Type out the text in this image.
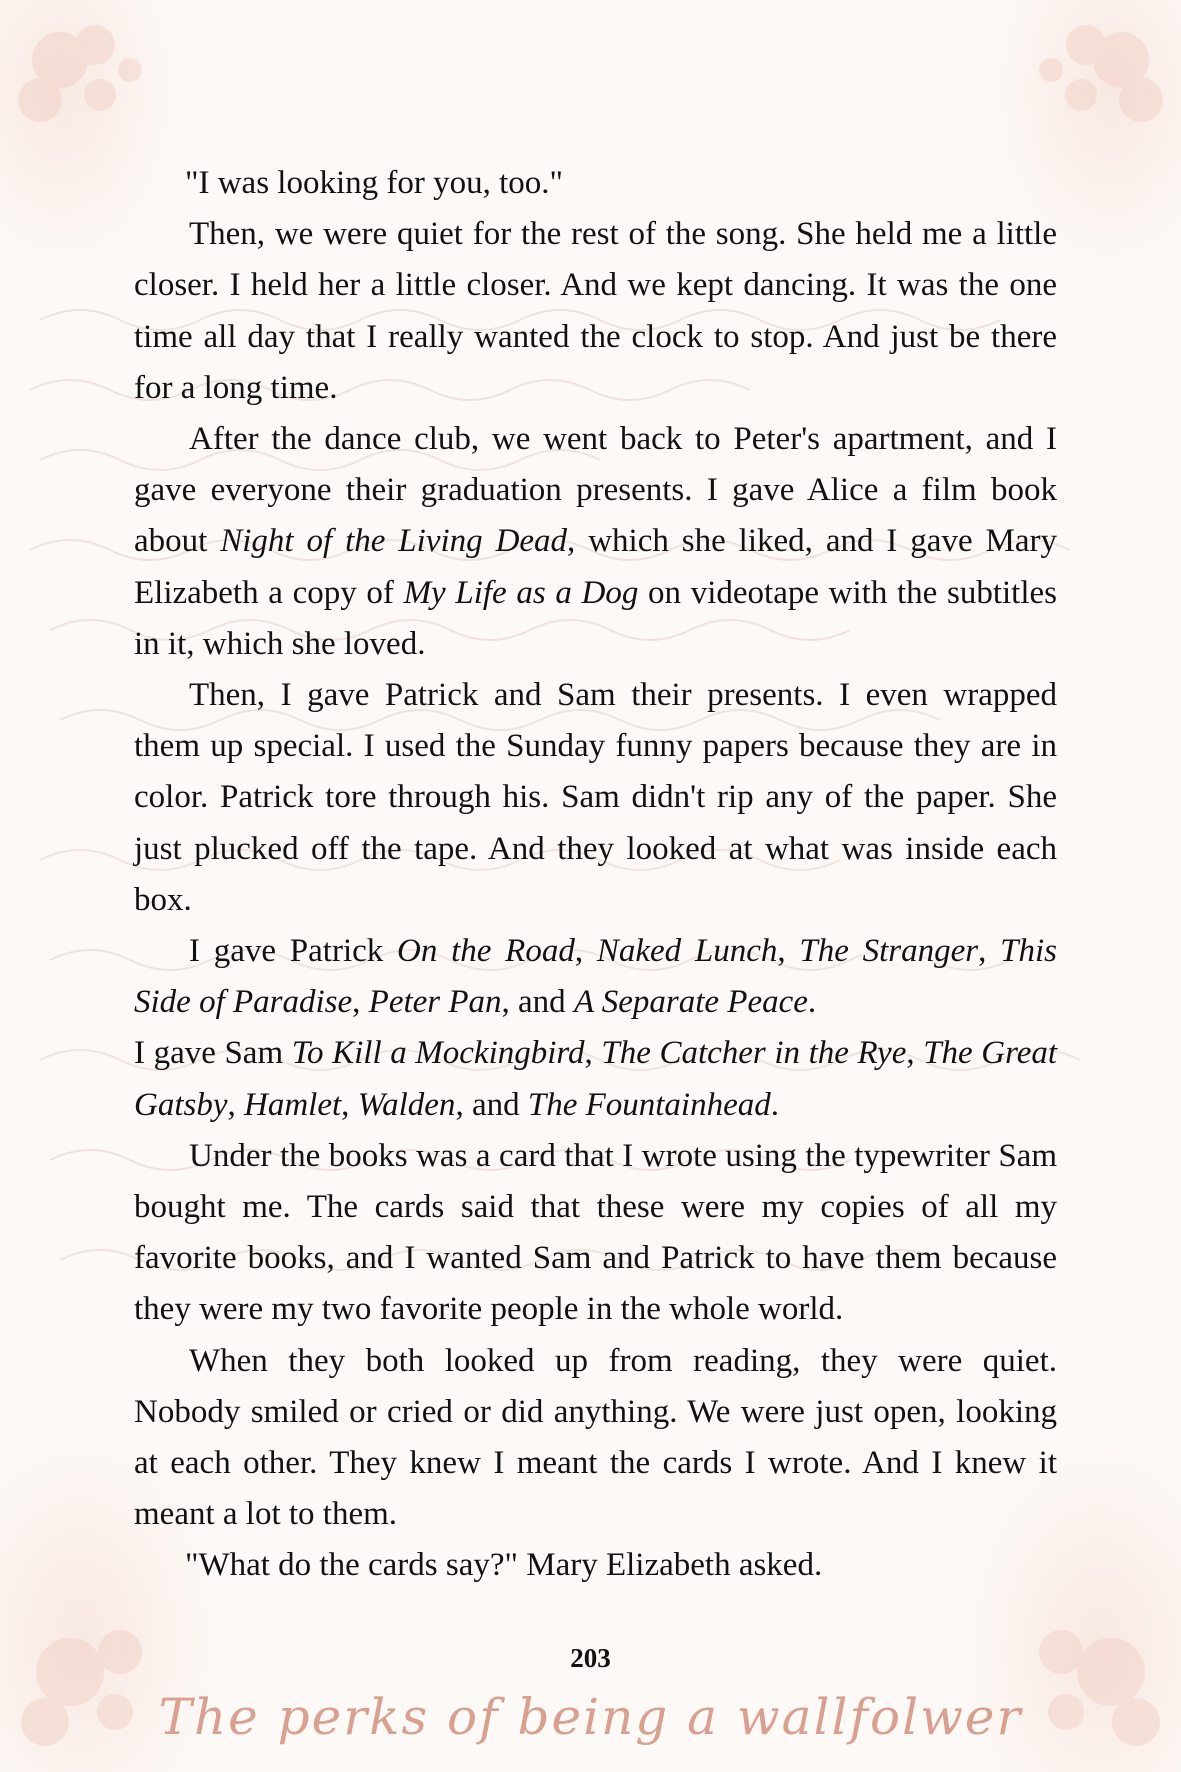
"I was looking for you, too."

Then, we were quiet for the rest of the song. She held me a little closer. I held her a little closer. And we kept dancing. It was the one time all day that I really wanted the clock to stop. And just be there for a long time.

After the dance club, we went back to Peter's apartment, and I gave everyone their graduation presents. I gave Alice a film book about Night of the Living Dead, which she liked, and I gave Mary Elizabeth a copy of My Life as a Dog on videotape with the subtitles in it, which she loved.

Then, I gave Patrick and Sam their presents. I even wrapped them up special. I used the Sunday funny papers because they are in color. Patrick tore through his. Sam didn't rip any of the paper. She just plucked off the tape. And they looked at what was inside each box.

I gave Patrick On the Road, Naked Lunch, The Stranger, This Side of Paradise, Peter Pan, and A Separate Peace.

I gave Sam To Kill a Mockingbird, The Catcher in the Rye, The Great Gatsby, Hamlet, Walden, and The Fountainhead.

Under the books was a card that I wrote using the typewriter Sam bought me. The cards said that these were my copies of all my favorite books, and I wanted Sam and Patrick to have them because they were my two favorite people in the whole world.

When they both looked up from reading, they were quiet. Nobody smiled or cried or did anything. We were just open, looking at each other. They knew I meant the cards I wrote. And I knew it meant a lot to them.

"What do the cards say?" Mary Elizabeth asked.

203
The perks of being a wallfolwer
